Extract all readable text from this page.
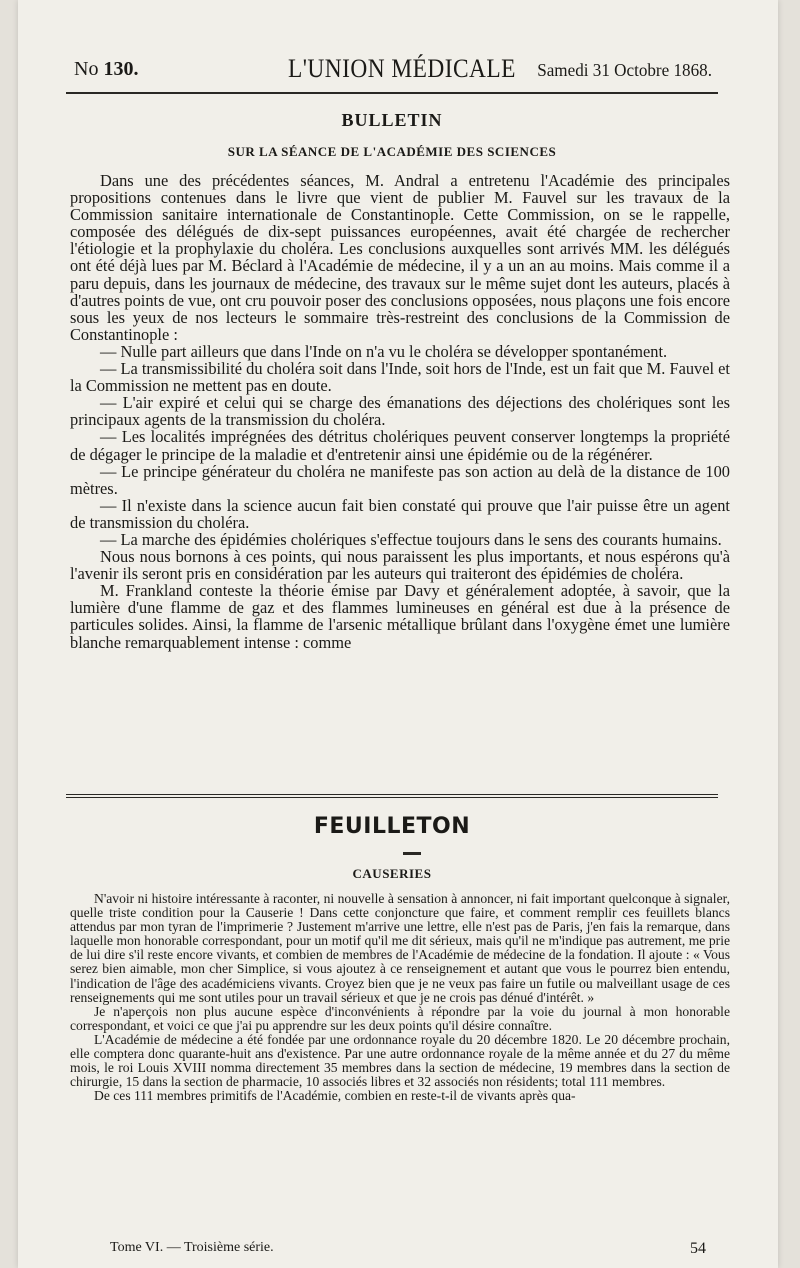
No 130.	L'UNION MÉDICALE Samedi 31 Octobre 1868.
BULLETIN
SUR LA SÉANCE DE L'ACADÉMIE DES SCIENCES

Dans une des précédentes séances, M. Andral a entretenu l'Académie des principales propositions contenues dans le livre que vient de publier M. Fauvel sur les travaux de la Commission sanitaire internationale de Constantinople. Cette Commission, on se le rappelle, composée des délégués de dix-sept puissances européennes, avait été chargée de rechercher l'étiologie et la prophylaxie du choléra. Les conclusions auxquelles sont arrivés MM. les délégués ont été déjà lues par M. Béclard à l'Académie de médecine, il y a un an au moins. Mais comme il a paru depuis, dans les journaux de médecine, des travaux sur le même sujet dont les auteurs, placés à d'autres points de vue, ont cru pouvoir poser des conclusions opposées, nous plaçons une fois encore sous les yeux de nos lecteurs le sommaire très-restreint des conclusions de la Commission de Constantinople :

— Nulle part ailleurs que dans l'Inde on n'a vu le choléra se développer spontanément.

— La transmissibilité du choléra soit dans l'Inde, soit hors de l'Inde, est un fait que M. Fauvel et la Commission ne mettent pas en doute.

— L'air expiré et celui qui se charge des émanations des déjections des cholériques sont les principaux agents de la transmission du choléra.

— Les localités imprégnées des détritus cholériques peuvent conserver longtemps la propriété de dégager le principe de la maladie et d'entretenir ainsi une épidémie ou de la régénérer.

— Le principe générateur du choléra ne manifeste pas son action au delà de la distance de 100 mètres.

— Il n'existe dans la science aucun fait bien constaté qui prouve que l'air puisse être un agent de transmission du choléra.

— La marche des épidémies cholériques s'effectue toujours dans le sens des courants humains.

Nous nous bornons à ces points, qui nous paraissent les plus importants, et nous espérons qu'à l'avenir ils seront pris en considération par les auteurs qui traiteront des épidémies de choléra.

M. Frankland conteste la théorie émise par Davy et généralement adoptée, à savoir, que la lumière d'une flamme de gaz et des flammes lumineuses en général est due à la présence de particules solides. Ainsi, la flamme de l'arsenic métallique brûlant dans l'oxygène émet une lumière blanche remarquablement intense : comme

FEUILLETON
CAUSERIES

N'avoir ni histoire intéressante à raconter, ni nouvelle à sensation à annoncer, ni fait important quelconque à signaler, quelle triste condition pour la Causerie ! Dans cette conjoncture que faire, et comment remplir ces feuillets blancs attendus par mon tyran de l'imprimerie ? Justement m'arrive une lettre, elle n'est pas de Paris, j'en fais la remarque, dans laquelle mon honorable correspondant, pour un motif qu'il me dit sérieux, mais qu'il ne m'indique pas autrement, me prie de lui dire s'il reste encore vivants, et combien de membres de l'Académie de médecine de la fondation. Il ajoute : « Vous serez bien aimable, mon cher Simplice, si vous ajoutez à ce renseignement et autant que vous le pourrez bien entendu, l'indication de l'âge des académiciens vivants. Croyez bien que je ne veux pas faire un futile ou malveillant usage de ces renseignements qui me sont utiles pour un travail sérieux et que je ne crois pas dénué d'intérêt. »

Je n'aperçois non plus aucune espèce d'inconvénients à répondre par la voie du journal à mon honorable correspondant, et voici ce que j'ai pu apprendre sur les deux points qu'il désire connaître.

L'Académie de médecine a été fondée par une ordonnance royale du 20 décembre 1820. Le 20 décembre prochain, elle comptera donc quarante-huit ans d'existence. Par une autre ordonnance royale de la même année et du 27 du même mois, le roi Louis XVIII nomma directement 35 membres dans la section de médecine, 19 membres dans la section de chirurgie, 15 dans la section de pharmacie, 10 associés libres et 32 associés non résidents; total 111 membres.

De ces 111 membres primitifs de l'Académie, combien en reste-t-il de vivants après qua-

Tome VI. — Troisième série.	54
